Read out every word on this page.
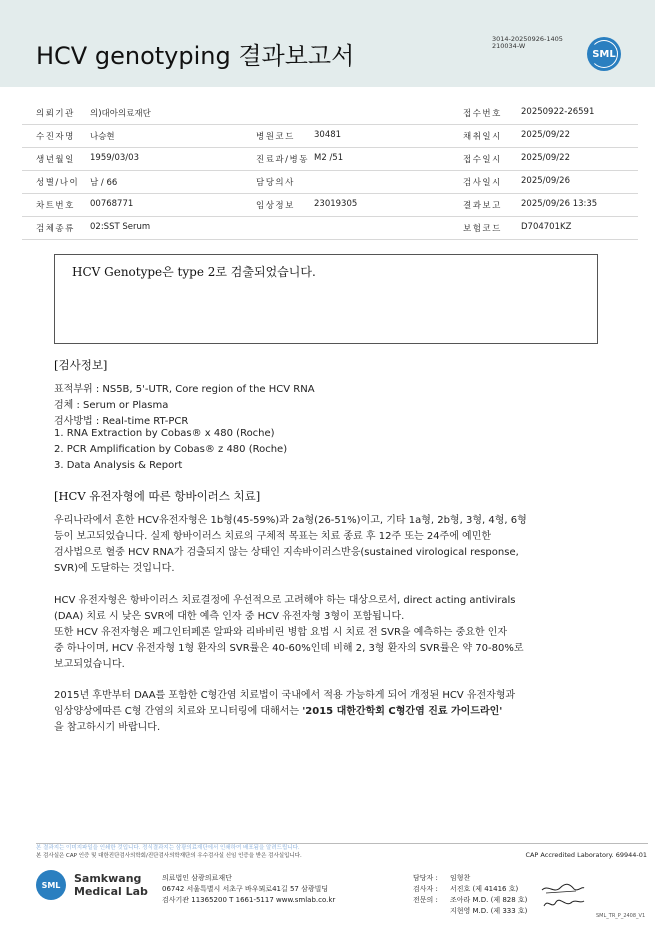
HCV genotyping 결과보고서
3014-20250926-1405
210034-W
SML
의뢰기관 의)대아의료재단	접수번호 20250922-26591
수진자명 나승현	병원코드 30481	채취일시 2025/09/22
생년월일 1959/03/03	진료과/병동 M2 /51	접수일시 2025/09/22
성별/나이 남 / 66	담당의사	검사일시 2025/09/26
차트번호 00768771	임상정보 23019305	결과보고 2025/09/26 13:35
검체종류 02:SST Serum	보험코드 D704701KZ
HCV Genotype은 type 2로 검출되었습니다.
[검사정보]
표적부위 : NS5B, 5'-UTR, Core region of the HCV RNA
검체 : Serum or Plasma
검사방법 : Real-time RT-PCR
1. RNA Extraction by Cobas® x 480 (Roche)
2. PCR Amplification by Cobas® z 480 (Roche)
3. Data Analysis & Report
[HCV 유전자형에 따른 항바이러스 치료]
우리나라에서 흔한 HCV유전자형은 1b형(45-59%)과 2a형(26-51%)이고, 기타 1a형, 2b형, 3형, 4형, 6형
등이 보고되었습니다. 실제 항바이러스 치료의 구체적 목표는 치료 종료 후 12주 또는 24주에 예민한
검사법으로 혈중 HCV RNA가 검출되지 않는 상태인 지속바이러스반응(sustained virological response,
SVR)에 도달하는 것입니다.
HCV 유전자형은 항바이러스 치료결정에 우선적으로 고려해야 하는 대상으로서, direct acting antivirals
(DAA) 치료 시 낮은 SVR에 대한 예측 인자 중 HCV 유전자형 3형이 포함됩니다.
또한 HCV 유전자형은 페그인터페론 알파와 리바비린 병합 요법 시 치료 전 SVR을 예측하는 중요한 인자
중 하나이며, HCV 유전자형 1형 환자의 SVR률은 40-60%인데 비해 2, 3형 환자의 SVR률은 약 70-80%로
보고되었습니다.
2015년 후반부터 DAA를 포함한 C형간염 치료법이 국내에서 적용 가능하게 되어 개정된 HCV 유전자형과
임상양상에따른 C형 간염의 치료와 모니터링에 대해서는 '2015 대한간학회 C형간염 진료 가이드라인'
을 참고하시기 바랍니다.
본 결과지는 이미지파일을 인쇄한 것입니다. 정식결과지는 삼광의료재단에서 인쇄하여 배포됨을 알려드립니다.
본 검사실은 CAP 인증 및 대한진단검사의학회/진단검사의학재단의 우수검사실 신임 인증을 받은 검사실입니다.	CAP Accredited Laboratory. 69944-01
SML	Samkwang
Medical Lab
의료법인 삼광의료재단
06742 서울특별시 서초구 바우뫼로41길 57 삼광빌딩
검사기관 11365200 T 1661-5117 www.smlab.co.kr
담당자 : 임형찬
검사자 : 서진호 (제 41416 호)
전문의 : 조아라 M.D. (제 828 호)
지현영 M.D. (제 333 호)
SML_TR_P_2408_V1
